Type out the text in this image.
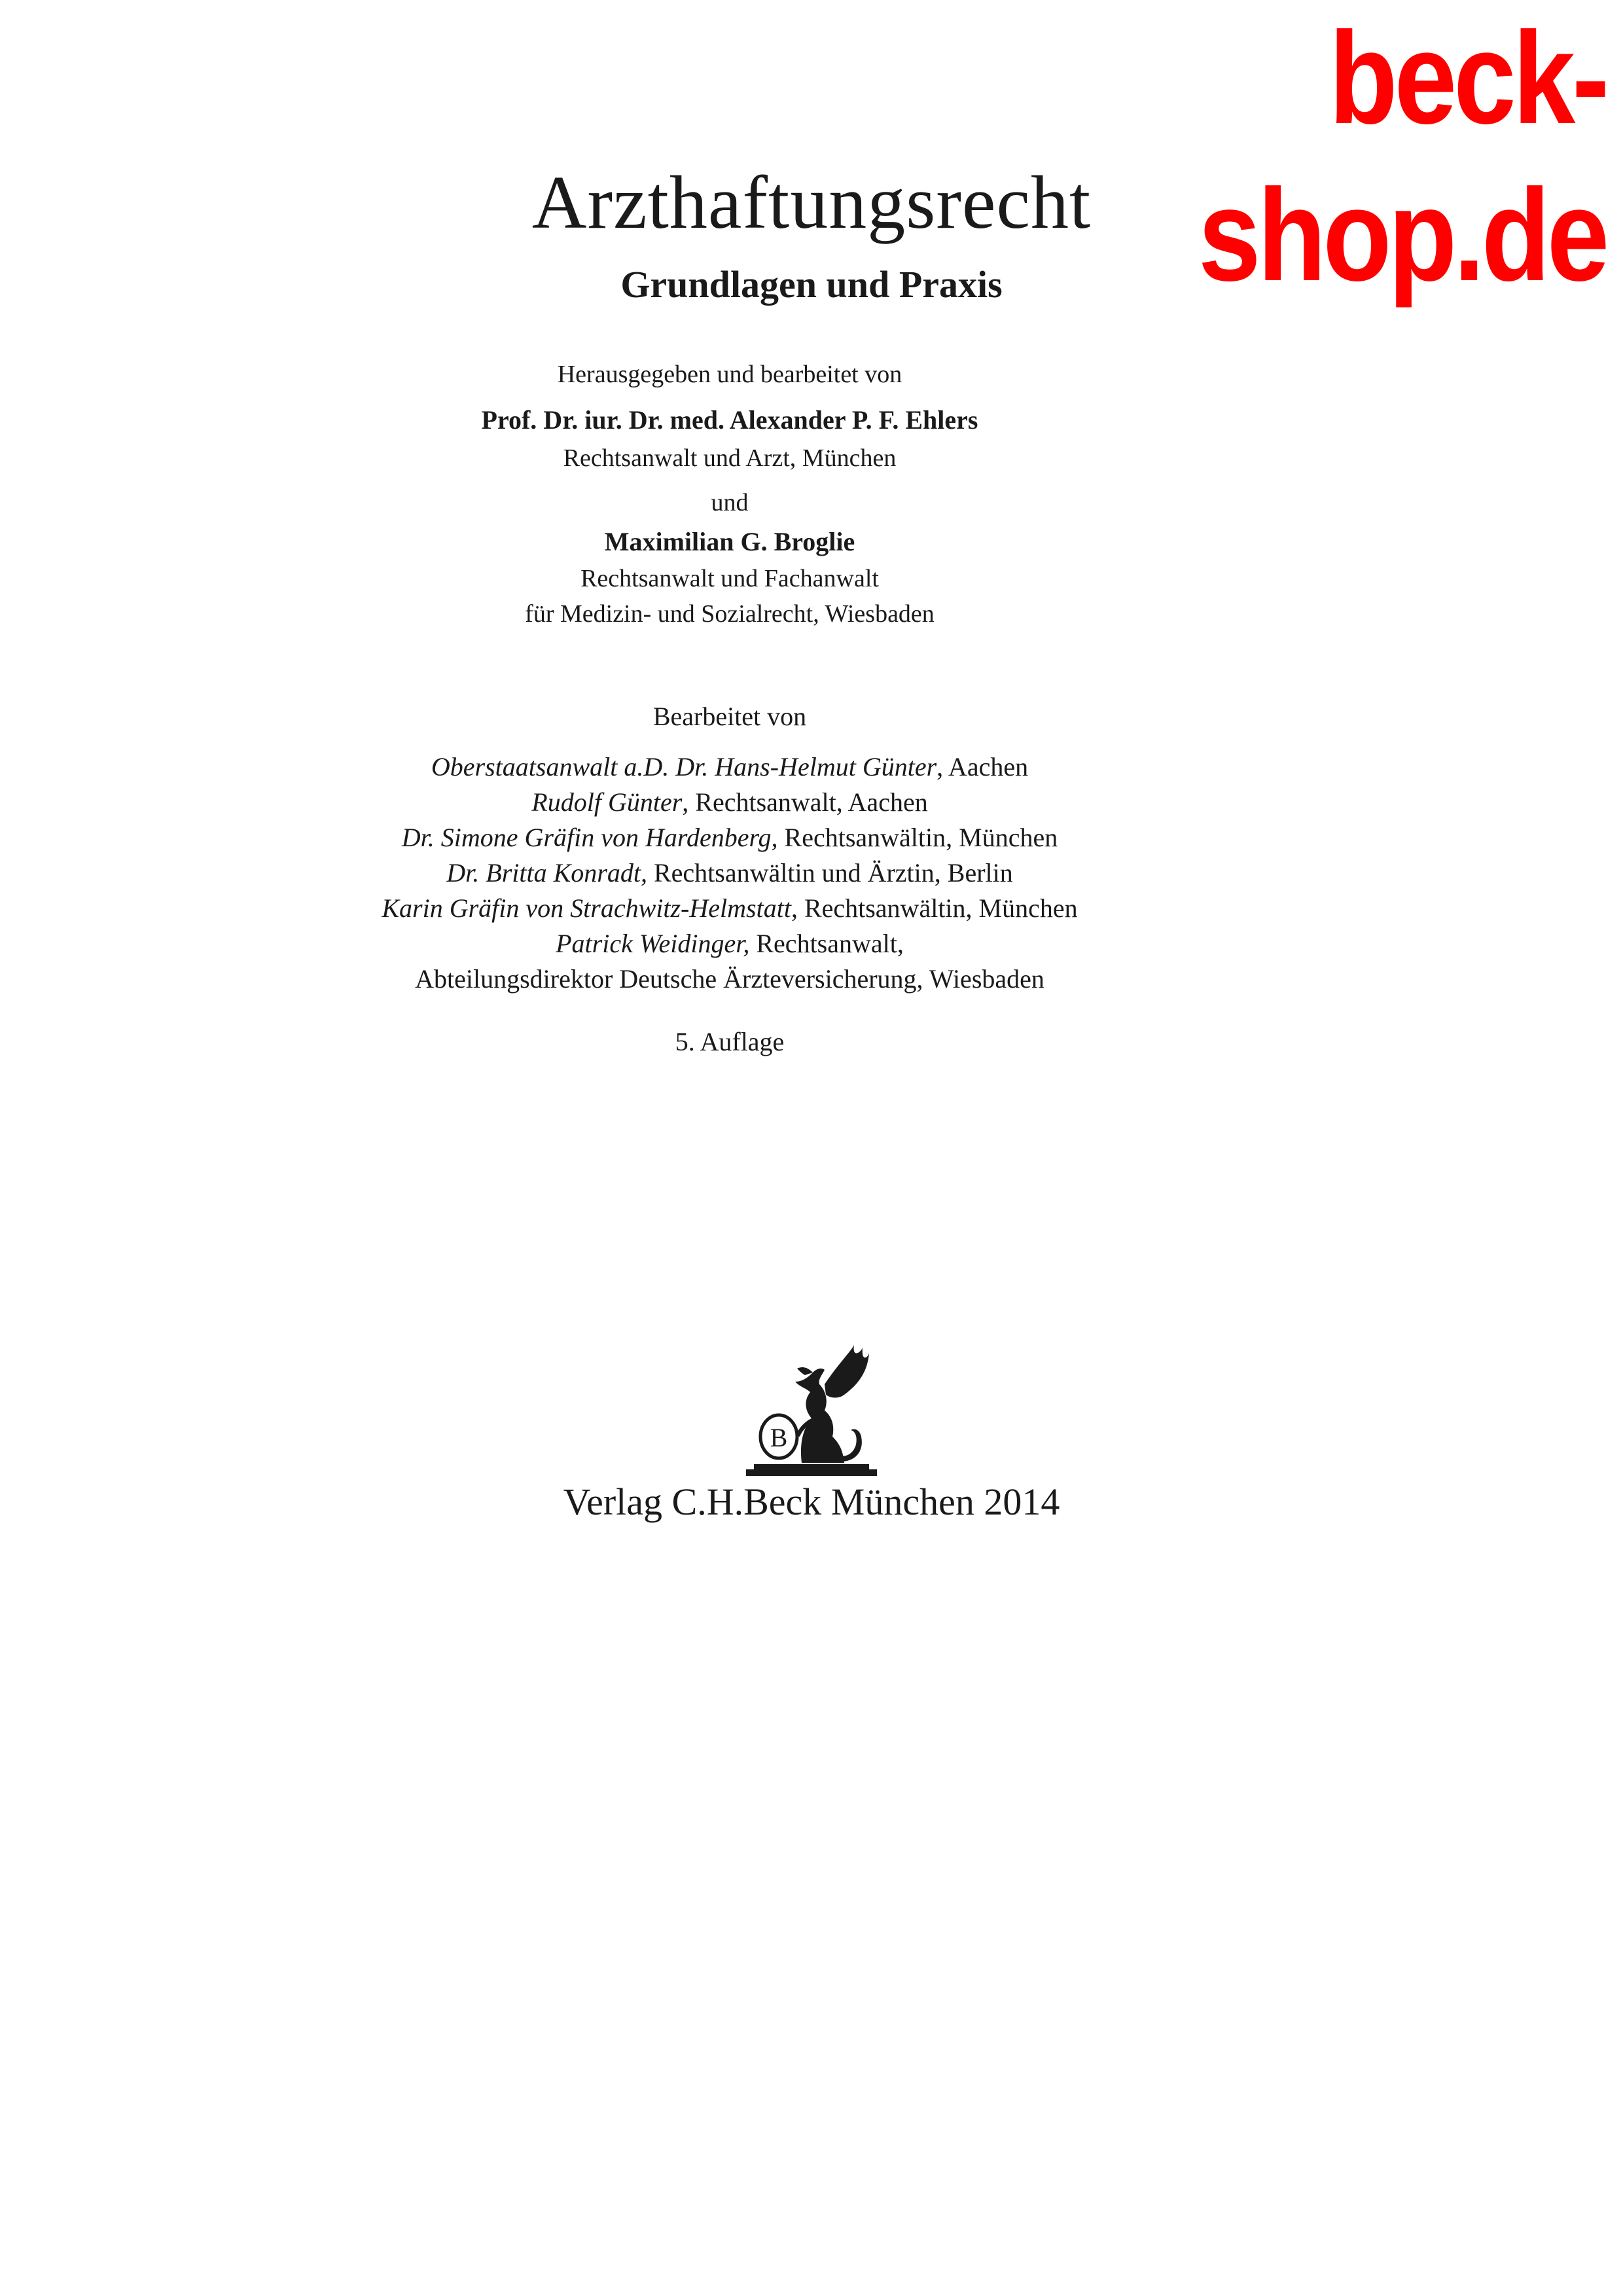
beck-shop.de
Arzthaftungsrecht
Grundlagen und Praxis
Herausgegeben und bearbeitet von
Prof. Dr. iur. Dr. med. Alexander P. F. Ehlers
Rechtsanwalt und Arzt, München
und
Maximilian G. Broglie
Rechtsanwalt und Fachanwalt
für Medizin- und Sozialrecht, Wiesbaden
Bearbeitet von
Oberstaatsanwalt a.D. Dr. Hans-Helmut Günter, Aachen
Rudolf Günter, Rechtsanwalt, Aachen
Dr. Simone Gräfin von Hardenberg, Rechtsanwältin, München
Dr. Britta Konradt, Rechtsanwältin und Ärztin, Berlin
Karin Gräfin von Strachwitz-Helmstatt, Rechtsanwältin, München
Patrick Weidinger, Rechtsanwalt,
Abteilungsdirektor Deutsche Ärzteversicherung, Wiesbaden
5. Auflage
B
Verlag C.H.Beck München 2014
